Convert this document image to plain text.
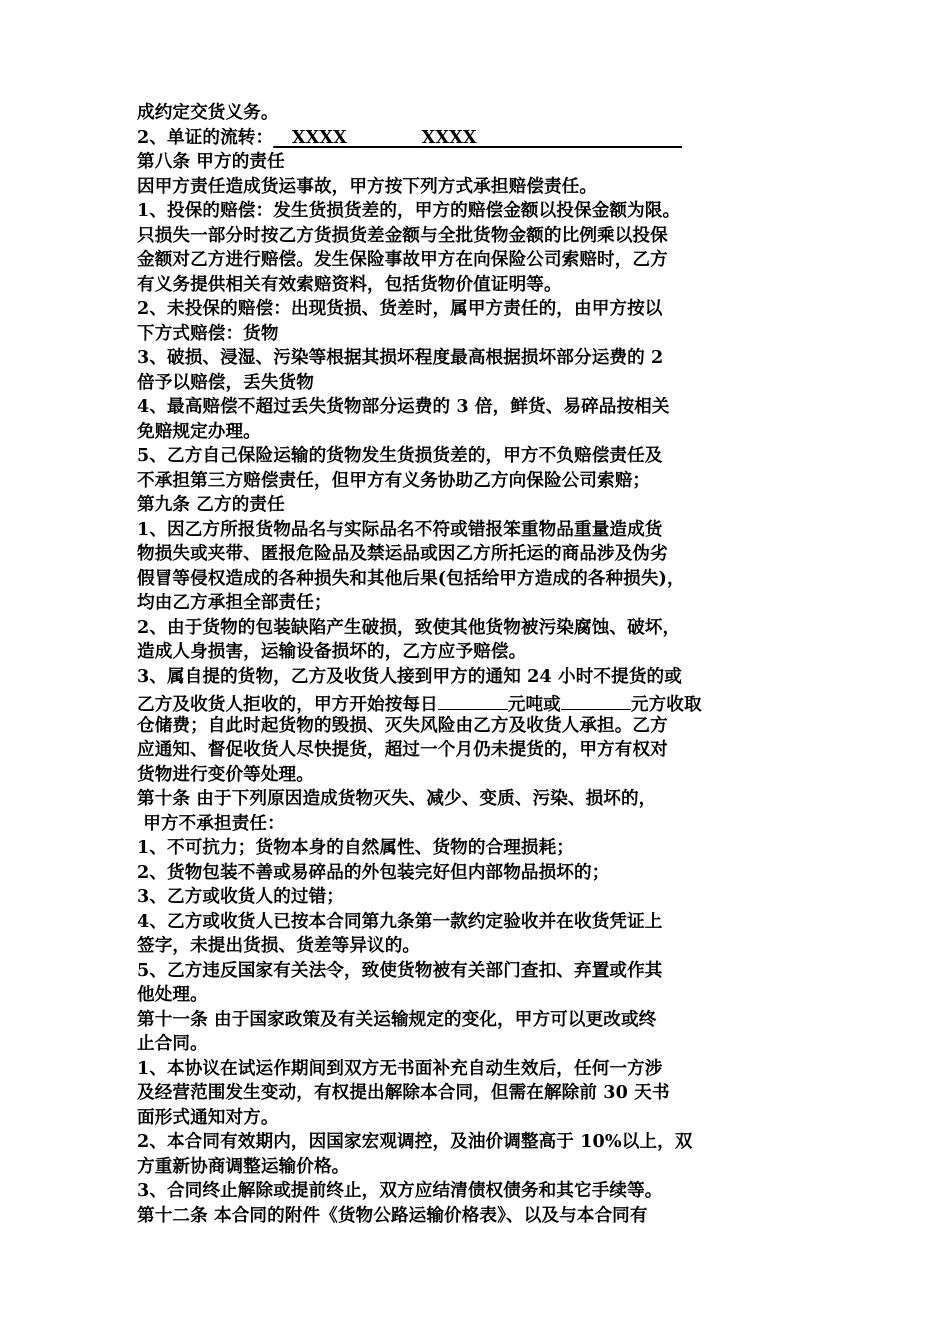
成约定交货义务。
2、单证的流转： XXXX	XXXX
第八条 甲方的责任
因甲方责任造成货运事故，甲方按下列方式承担赔偿责任。
1、投保的赔偿：发生货损货差的，甲方的赔偿金额以投保金额为限。
只损失一部分时按乙方货损货差金额与全批货物金额的比例乘以投保
金额对乙方进行赔偿。发生保险事故甲方在向保险公司索赔时，乙方
有义务提供相关有效索赔资料，包括货物价值证明等。
2、未投保的赔偿：出现货损、货差时，属甲方责任的，由甲方按以
下方式赔偿：货物
3、破损、浸湿、污染等根据其损坏程度最高根据损坏部分运费的 2
倍予以赔偿，丢失货物
4、最高赔偿不超过丢失货物部分运费的 3 倍，鲜货、易碎品按相关
免赔规定办理。
5、乙方自己保险运输的货物发生货损货差的，甲方不负赔偿责任及
不承担第三方赔偿责任，但甲方有义务协助乙方向保险公司索赔；
第九条 乙方的责任
1、因乙方所报货物品名与实际品名不符或错报笨重物品重量造成货
物损失或夹带、匿报危险品及禁运品或因乙方所托运的商品涉及伪劣
假冒等侵权造成的各种损失和其他后果(包括给甲方造成的各种损失)，
均由乙方承担全部责任；
2、由于货物的包装缺陷产生破损，致使其他货物被污染腐蚀、破坏，
造成人身损害，运输设备损坏的，乙方应予赔偿。
3、属自提的货物，乙方及收货人接到甲方的通知 24 小时不提货的或
乙方及收货人拒收的，甲方开始按每日	元吨或	元方收取
仓储费；自此时起货物的毁损、灭失风险由乙方及收货人承担。乙方
应通知、督促收货人尽快提货，超过一个月仍未提货的，甲方有权对
货物进行变价等处理。
第十条 由于下列原因造成货物灭失、减少、变质、污染、损坏的，
甲方不承担责任：
1、不可抗力；货物本身的自然属性、货物的合理损耗；
2、货物包装不善或易碎品的外包装完好但内部物品损坏的；
3、乙方或收货人的过错；
4、乙方或收货人已按本合同第九条第一款约定验收并在收货凭证上
签字，未提出货损、货差等异议的。
5、乙方违反国家有关法令，致使货物被有关部门查扣、弃置或作其
他处理。
第十一条 由于国家政策及有关运输规定的变化，甲方可以更改或终
止合同。
1、本协议在试运作期间到双方无书面补充自动生效后，任何一方涉
及经营范围发生变动，有权提出解除本合同，但需在解除前 30 天书
面形式通知对方。
2、本合同有效期内，因国家宏观调控，及油价调整高于 10%以上，双
方重新协商调整运输价格。
3、合同终止解除或提前终止，双方应结清债权债务和其它手续等。
第十二条 本合同的附件《货物公路运输价格表》、以及与本合同有
